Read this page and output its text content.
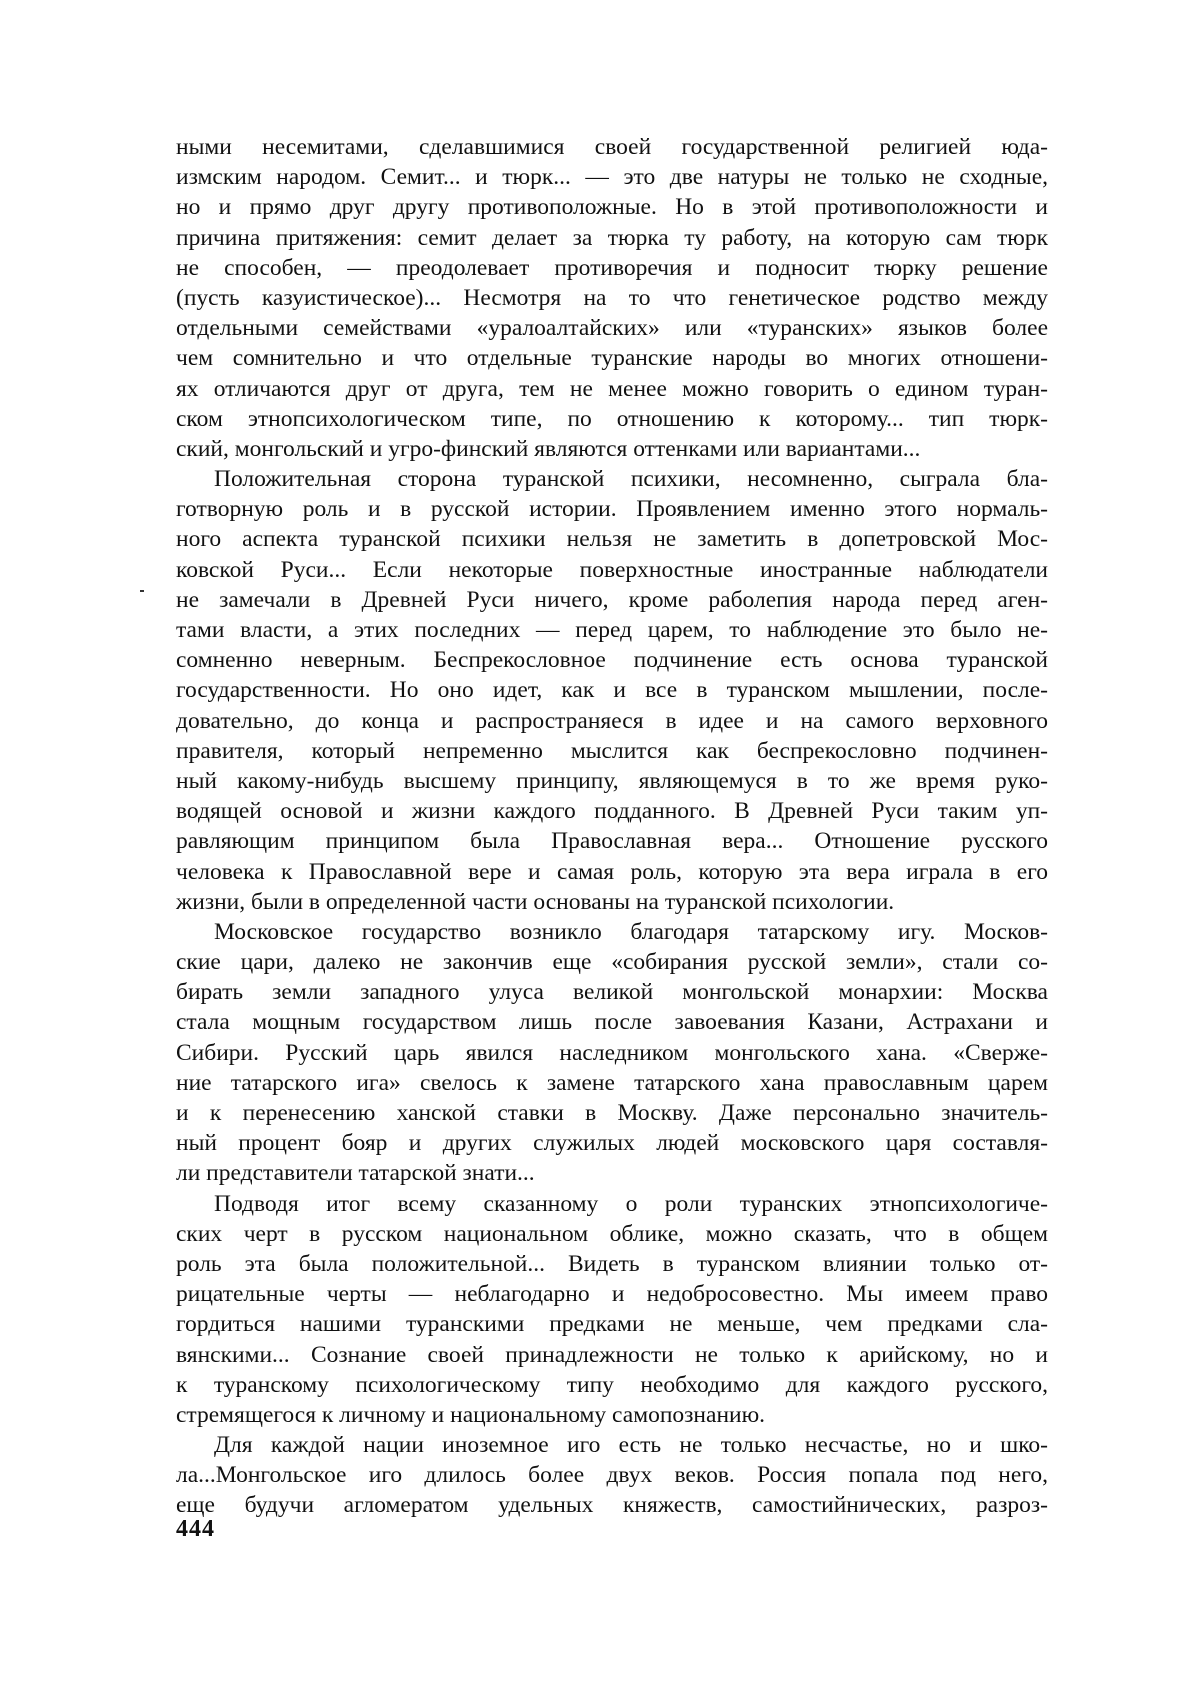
ными несемитами, сделавшимися своей государственной религией юда-
измским народом. Семит... и тюрк... — это две натуры не только не сходные,
но и прямо друг другу противоположные. Но в этой противоположности и
причина притяжения: семит делает за тюрка ту работу, на которую сам тюрк
не способен, — преодолевает противоречия и подносит тюрку решение
(пусть казуистическое)... Несмотря на то что генетическое родство между
отдельными семействами «уралоалтайских» или «туранских» языков более
чем сомнительно и что отдельные туранские народы во многих отношени-
ях отличаются друг от друга, тем не менее можно говорить о едином туран-
ском этнопсихологическом типе, по отношению к которому... тип тюрк-
ский, монгольский и угро-финский являются оттенками или вариантами...
Положительная сторона туранской психики, несомненно, сыграла бла-
готворную роль и в русской истории. Проявлением именно этого нормаль-
ного аспекта туранской психики нельзя не заметить в допетровской Мос-
ковской Руси... Если некоторые поверхностные иностранные наблюдатели
не замечали в Древней Руси ничего, кроме раболепия народа перед аген-
тами власти, а этих последних — перед царем, то наблюдение это было не-
сомненно неверным. Беспрекословное подчинение есть основа туранской
государственности. Но оно идет, как и все в туранском мышлении, после-
довательно, до конца и распространяеся в идее и на самого верховного
правителя, который непременно мыслится как беспрекословно подчинен-
ный какому-нибудь высшему принципу, являющемуся в то же время руко-
водящей основой и жизни каждого подданного. В Древней Руси таким уп-
равляющим принципом была Православная вера... Отношение русского
человека к Православной вере и самая роль, которую эта вера играла в его
жизни, были в определенной части основаны на туранской психологии.
Московское государство возникло благодаря татарскому игу. Москов-
ские цари, далеко не закончив еще «собирания русской земли», стали со-
бирать земли западного улуса великой монгольской монархии: Москва
стала мощным государством лишь после завоевания Казани, Астрахани и
Сибири. Русский царь явился наследником монгольского хана. «Сверже-
ние татарского ига» свелось к замене татарского хана православным царем
и к перенесению ханской ставки в Москву. Даже персонально значитель-
ный процент бояр и других служилых людей московского царя составля-
ли представители татарской знати...
Подводя итог всему сказанному о роли туранских этнопсихологиче-
ских черт в русском национальном облике, можно сказать, что в общем
роль эта была положительной... Видеть в туранском влиянии только от-
рицательные черты — неблагодарно и недобросовестно. Мы имеем право
гордиться нашими туранскими предками не меньше, чем предками сла-
вянскими... Сознание своей принадлежности не только к арийскому, но и
к туранскому психологическому типу необходимо для каждого русского,
стремящегося к личному и национальному самопознанию.
Для каждой нации иноземное иго есть не только несчастье, но и шко-
ла...Монгольское иго длилось более двух веков. Россия попала под него,
еще будучи агломератом удельных княжеств, самостийнических, разроз-
444
